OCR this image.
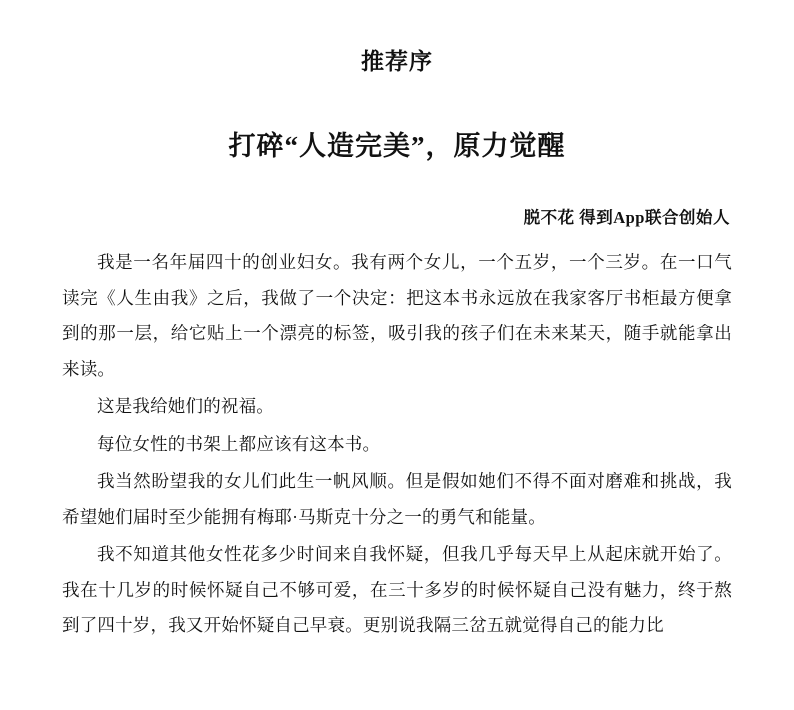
推荐序
打碎“人造完美”，原力觉醒
脱不花 得到App联合创始人

我是一名年届四十的创业妇女。我有两个女儿，一个五岁，一个三岁。在一口气读完《人生由我》之后，我做了一个决定：把这本书永远放在我家客厅书柜最方便拿到的那一层，给它贴上一个漂亮的标签，吸引我的孩子们在未来某天，随手就能拿出来读。

这是我给她们的祝福。

每位女性的书架上都应该有这本书。

我当然盼望我的女儿们此生一帆风顺。但是假如她们不得不面对磨难和挑战，我希望她们届时至少能拥有梅耶·马斯克十分之一的勇气和能量。

我不知道其他女性花多少时间来自我怀疑，但我几乎每天早上从起床就开始了。我在十几岁的时候怀疑自己不够可爱，在三十多岁的时候怀疑自己没有魅力，终于熬到了四十岁，我又开始怀疑自己早衰。更别说我隔三岔五就觉得自己的能力比
